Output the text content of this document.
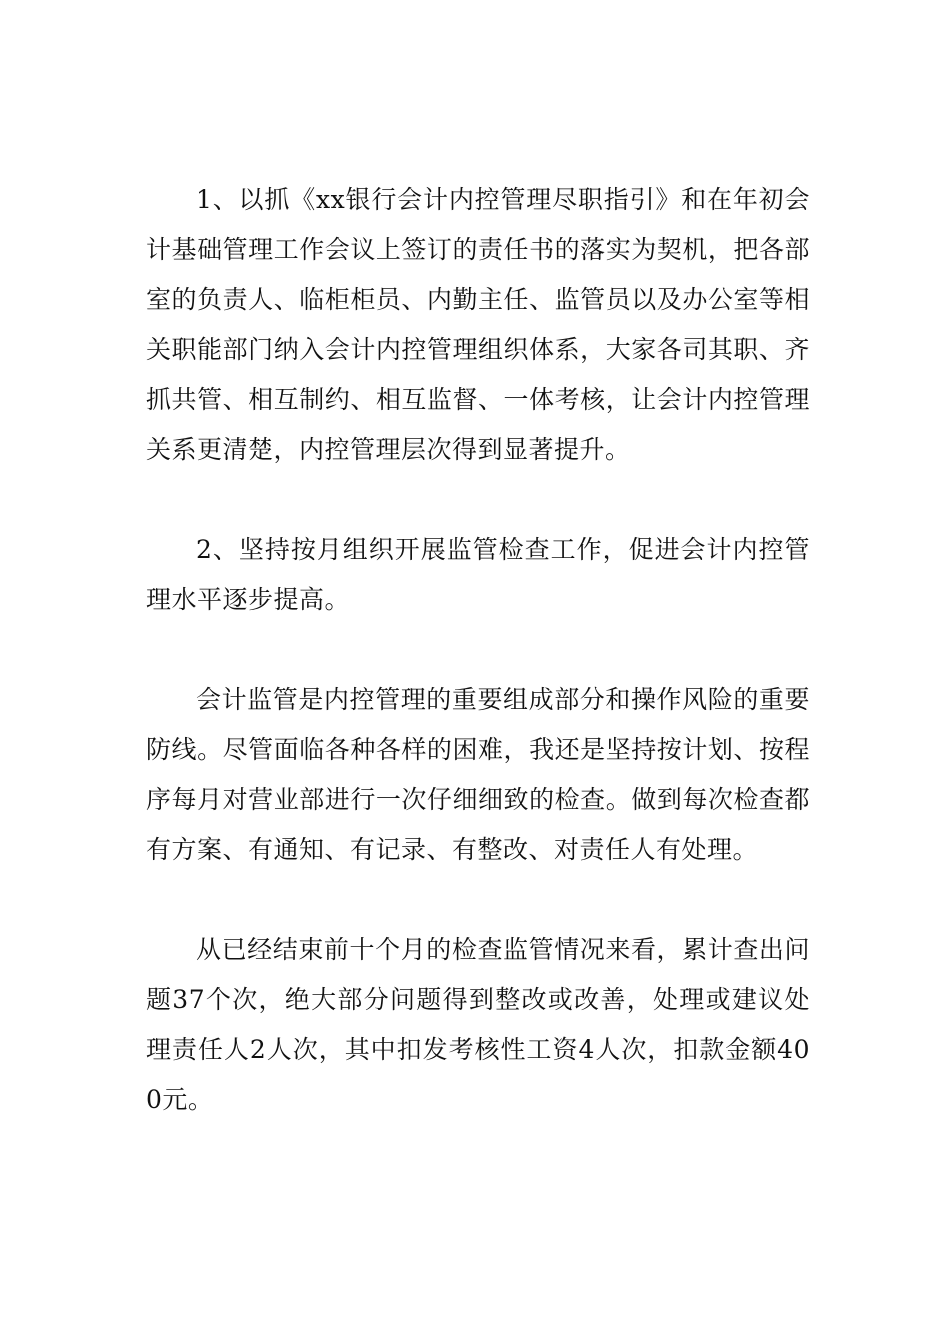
1、以抓《xx银行会计内控管理尽职指引》和在年初会计基础管理工作会议上签订的责任书的落实为契机，把各部室的负责人、临柜柜员、内勤主任、监管员以及办公室等相关职能部门纳入会计内控管理组织体系，大家各司其职、齐抓共管、相互制约、相互监督、一体考核，让会计内控管理关系更清楚，内控管理层次得到显著提升。

2、坚持按月组织开展监管检查工作，促进会计内控管理水平逐步提高。

会计监管是内控管理的重要组成部分和操作风险的重要防线。尽管面临各种各样的困难，我还是坚持按计划、按程序每月对营业部进行一次仔细细致的检查。做到每次检查都有方案、有通知、有记录、有整改、对责任人有处理。

从已经结束前十个月的检查监管情况来看，累计查出问题37个次，绝大部分问题得到整改或改善，处理或建议处理责任人2人次，其中扣发考核性工资4人次，扣款金额400元。
